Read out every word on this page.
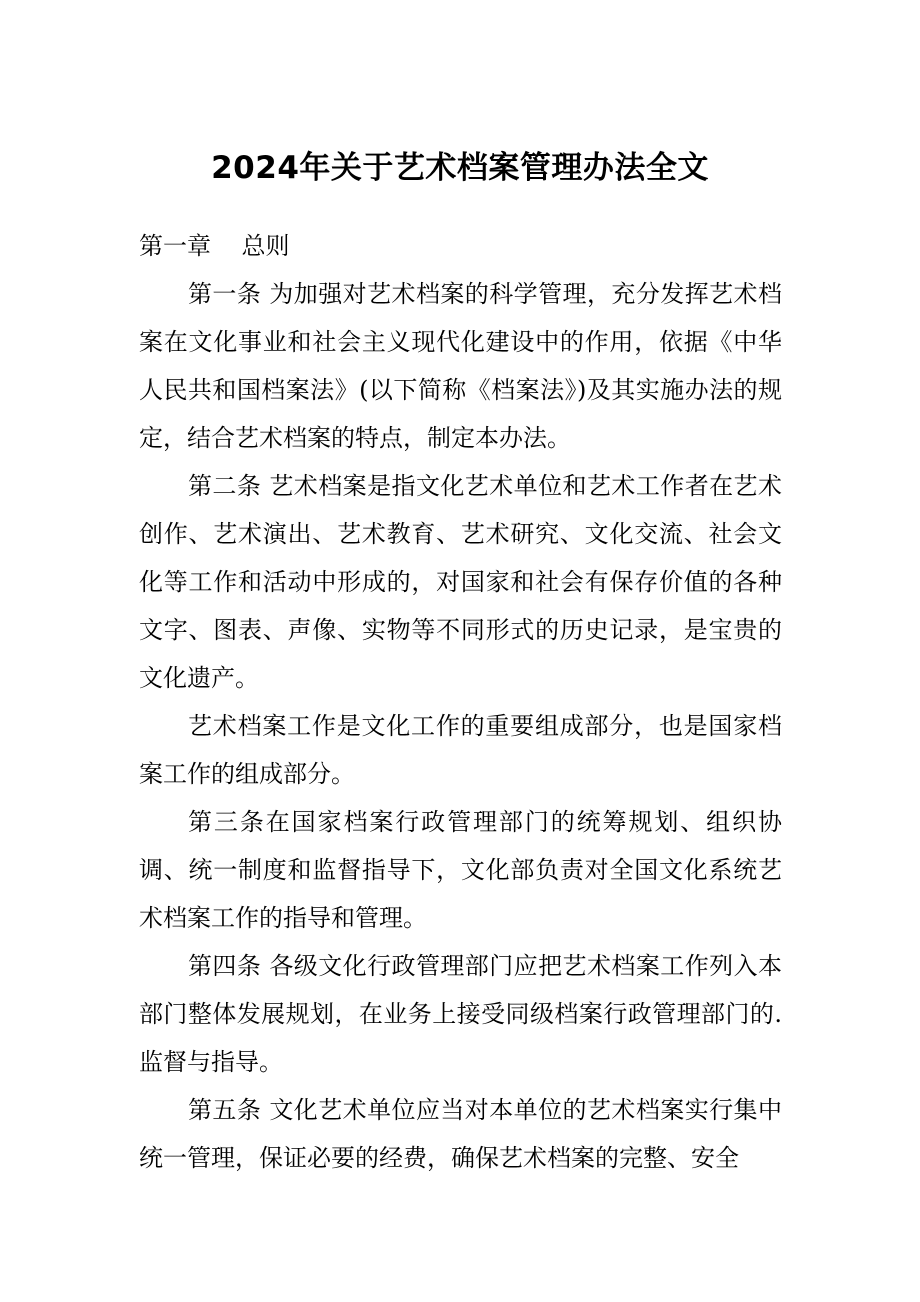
2024年关于艺术档案管理办法全文

第一章    总则

第一条 为加强对艺术档案的科学管理，充分发挥艺术档案在文化事业和社会主义现代化建设中的作用，依据《中华人民共和国档案法》(以下简称《档案法》)及其实施办法的规定，结合艺术档案的特点，制定本办法。

第二条 艺术档案是指文化艺术单位和艺术工作者在艺术创作、艺术演出、艺术教育、艺术研究、文化交流、社会文化等工作和活动中形成的，对国家和社会有保存价值的各种文字、图表、声像、实物等不同形式的历史记录，是宝贵的文化遗产。

艺术档案工作是文化工作的重要组成部分，也是国家档案工作的组成部分。

第三条在国家档案行政管理部门的统筹规划、组织协调、统一制度和监督指导下，文化部负责对全国文化系统艺术档案工作的指导和管理。

第四条 各级文化行政管理部门应把艺术档案工作列入本部门整体发展规划，在业务上接受同级档案行政管理部门的. 监督与指导。

第五条 文化艺术单位应当对本单位的艺术档案实行集中统一管理，保证必要的经费，确保艺术档案的完整、安全
